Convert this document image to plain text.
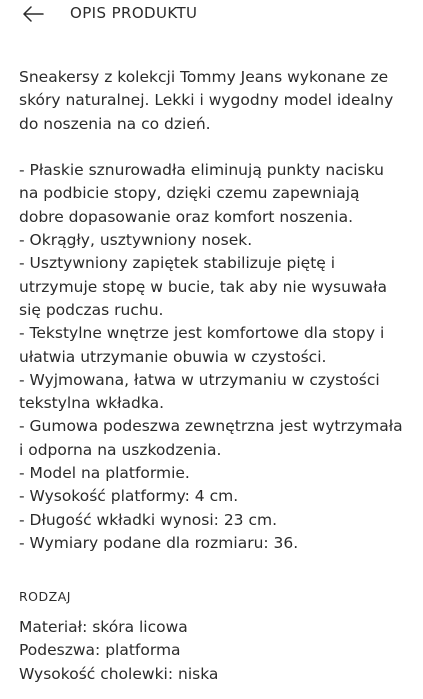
OPIS PRODUKTU
Sneakersy z kolekcji Tommy Jeans wykonane ze
skóry naturalnej. Lekki i wygodny model idealny
do noszenia na co dzień.
- Płaskie sznurowadła eliminują punkty nacisku
na podbicie stopy, dzięki czemu zapewniają
dobre dopasowanie oraz komfort noszenia.
- Okrągły, usztywniony nosek.
- Usztywniony zapiętek stabilizuje piętę i
utrzymuje stopę w bucie, tak aby nie wysuwała
się podczas ruchu.
- Tekstylne wnętrze jest komfortowe dla stopy i
ułatwia utrzymanie obuwia w czystości.
- Wyjmowana, łatwa w utrzymaniu w czystości
tekstylna wkładka.
- Gumowa podeszwa zewnętrzna jest wytrzymała
i odporna na uszkodzenia.
- Model na platformie.
- Wysokość platformy: 4 cm.
- Długość wkładki wynosi: 23 cm.
- Wymiary podane dla rozmiaru: 36.
RODZAJ
Materiał: skóra licowa
Podeszwa: platforma
Wysokość cholewki: niska
